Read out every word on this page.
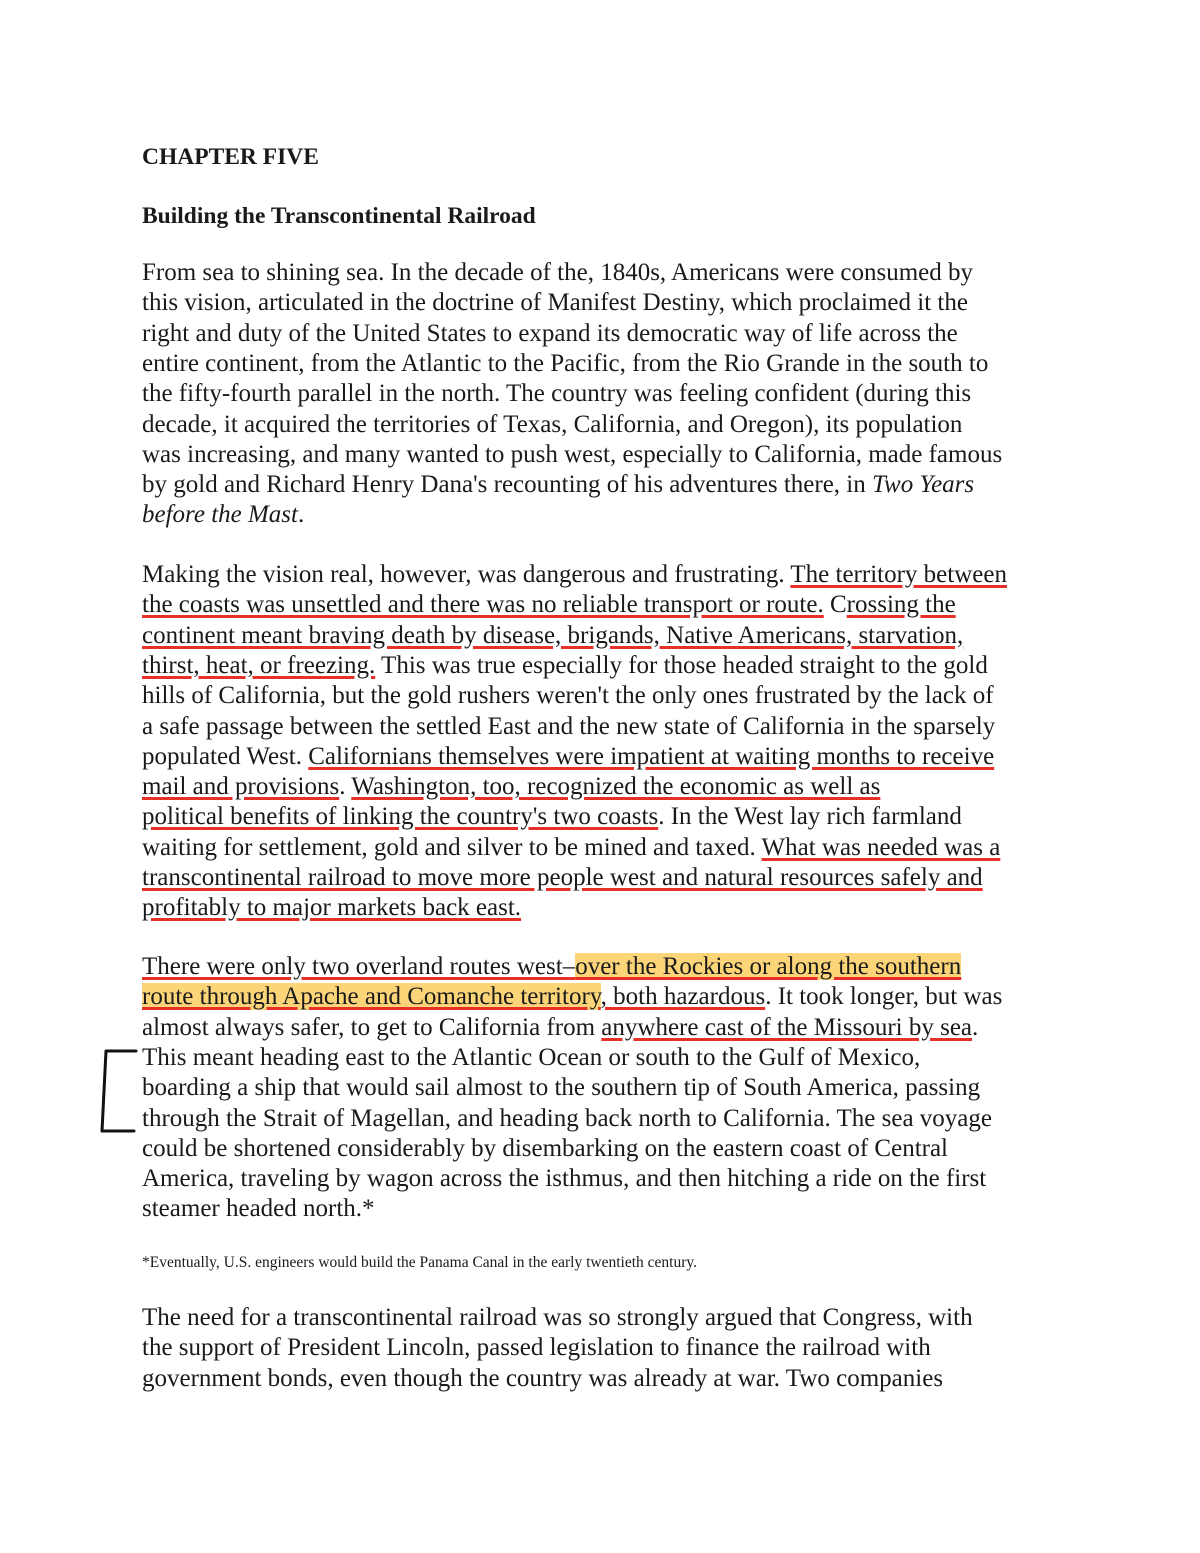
CHAPTER FIVE
Building the Transcontinental Railroad
From sea to shining sea. In the decade of the, 1840s, Americans were consumed by
this vision, articulated in the doctrine of Manifest Destiny, which proclaimed it the
right and duty of the United States to expand its democratic way of life across the
entire continent, from the Atlantic to the Pacific, from the Rio Grande in the south to
the fifty-fourth parallel in the north. The country was feeling confident (during this
decade, it acquired the territories of Texas, California, and Oregon), its population
was increasing, and many wanted to push west, especially to California, made famous
by gold and Richard Henry Dana's recounting of his adventures there, in Two Years
before the Mast.
Making the vision real, however, was dangerous and frustrating. The territory between
the coasts was unsettled and there was no reliable transport or route. Crossing the
continent meant braving death by disease, brigands, Native Americans, starvation,
thirst, heat, or freezing. This was true especially for those headed straight to the gold
hills of California, but the gold rushers weren't the only ones frustrated by the lack of
a safe passage between the settled East and the new state of California in the sparsely
populated West. Californians themselves were impatient at waiting months to receive
mail and provisions. Washington, too, recognized the economic as well as
political benefits of linking the country's two coasts. In the West lay rich farmland
waiting for settlement, gold and silver to be mined and taxed. What was needed was a
transcontinental railroad to move more people west and natural resources safely and
profitably to major markets back east.
There were only two overland routes west–over the Rockies or along the southern
route through Apache and Comanche territory, both hazardous. It took longer, but was
almost always safer, to get to California from anywhere cast of the Missouri by sea.
This meant heading east to the Atlantic Ocean or south to the Gulf of Mexico,
boarding a ship that would sail almost to the southern tip of South America, passing
through the Strait of Magellan, and heading back north to California. The sea voyage
could be shortened considerably by disembarking on the eastern coast of Central
America, traveling by wagon across the isthmus, and then hitching a ride on the first
steamer headed north.*
The need for a transcontinental railroad was so strongly argued that Congress, with
the support of President Lincoln, passed legislation to finance the railroad with
government bonds, even though the country was already at war. Two companies
*Eventually, U.S. engineers would build the Panama Canal in the early twentieth century.
